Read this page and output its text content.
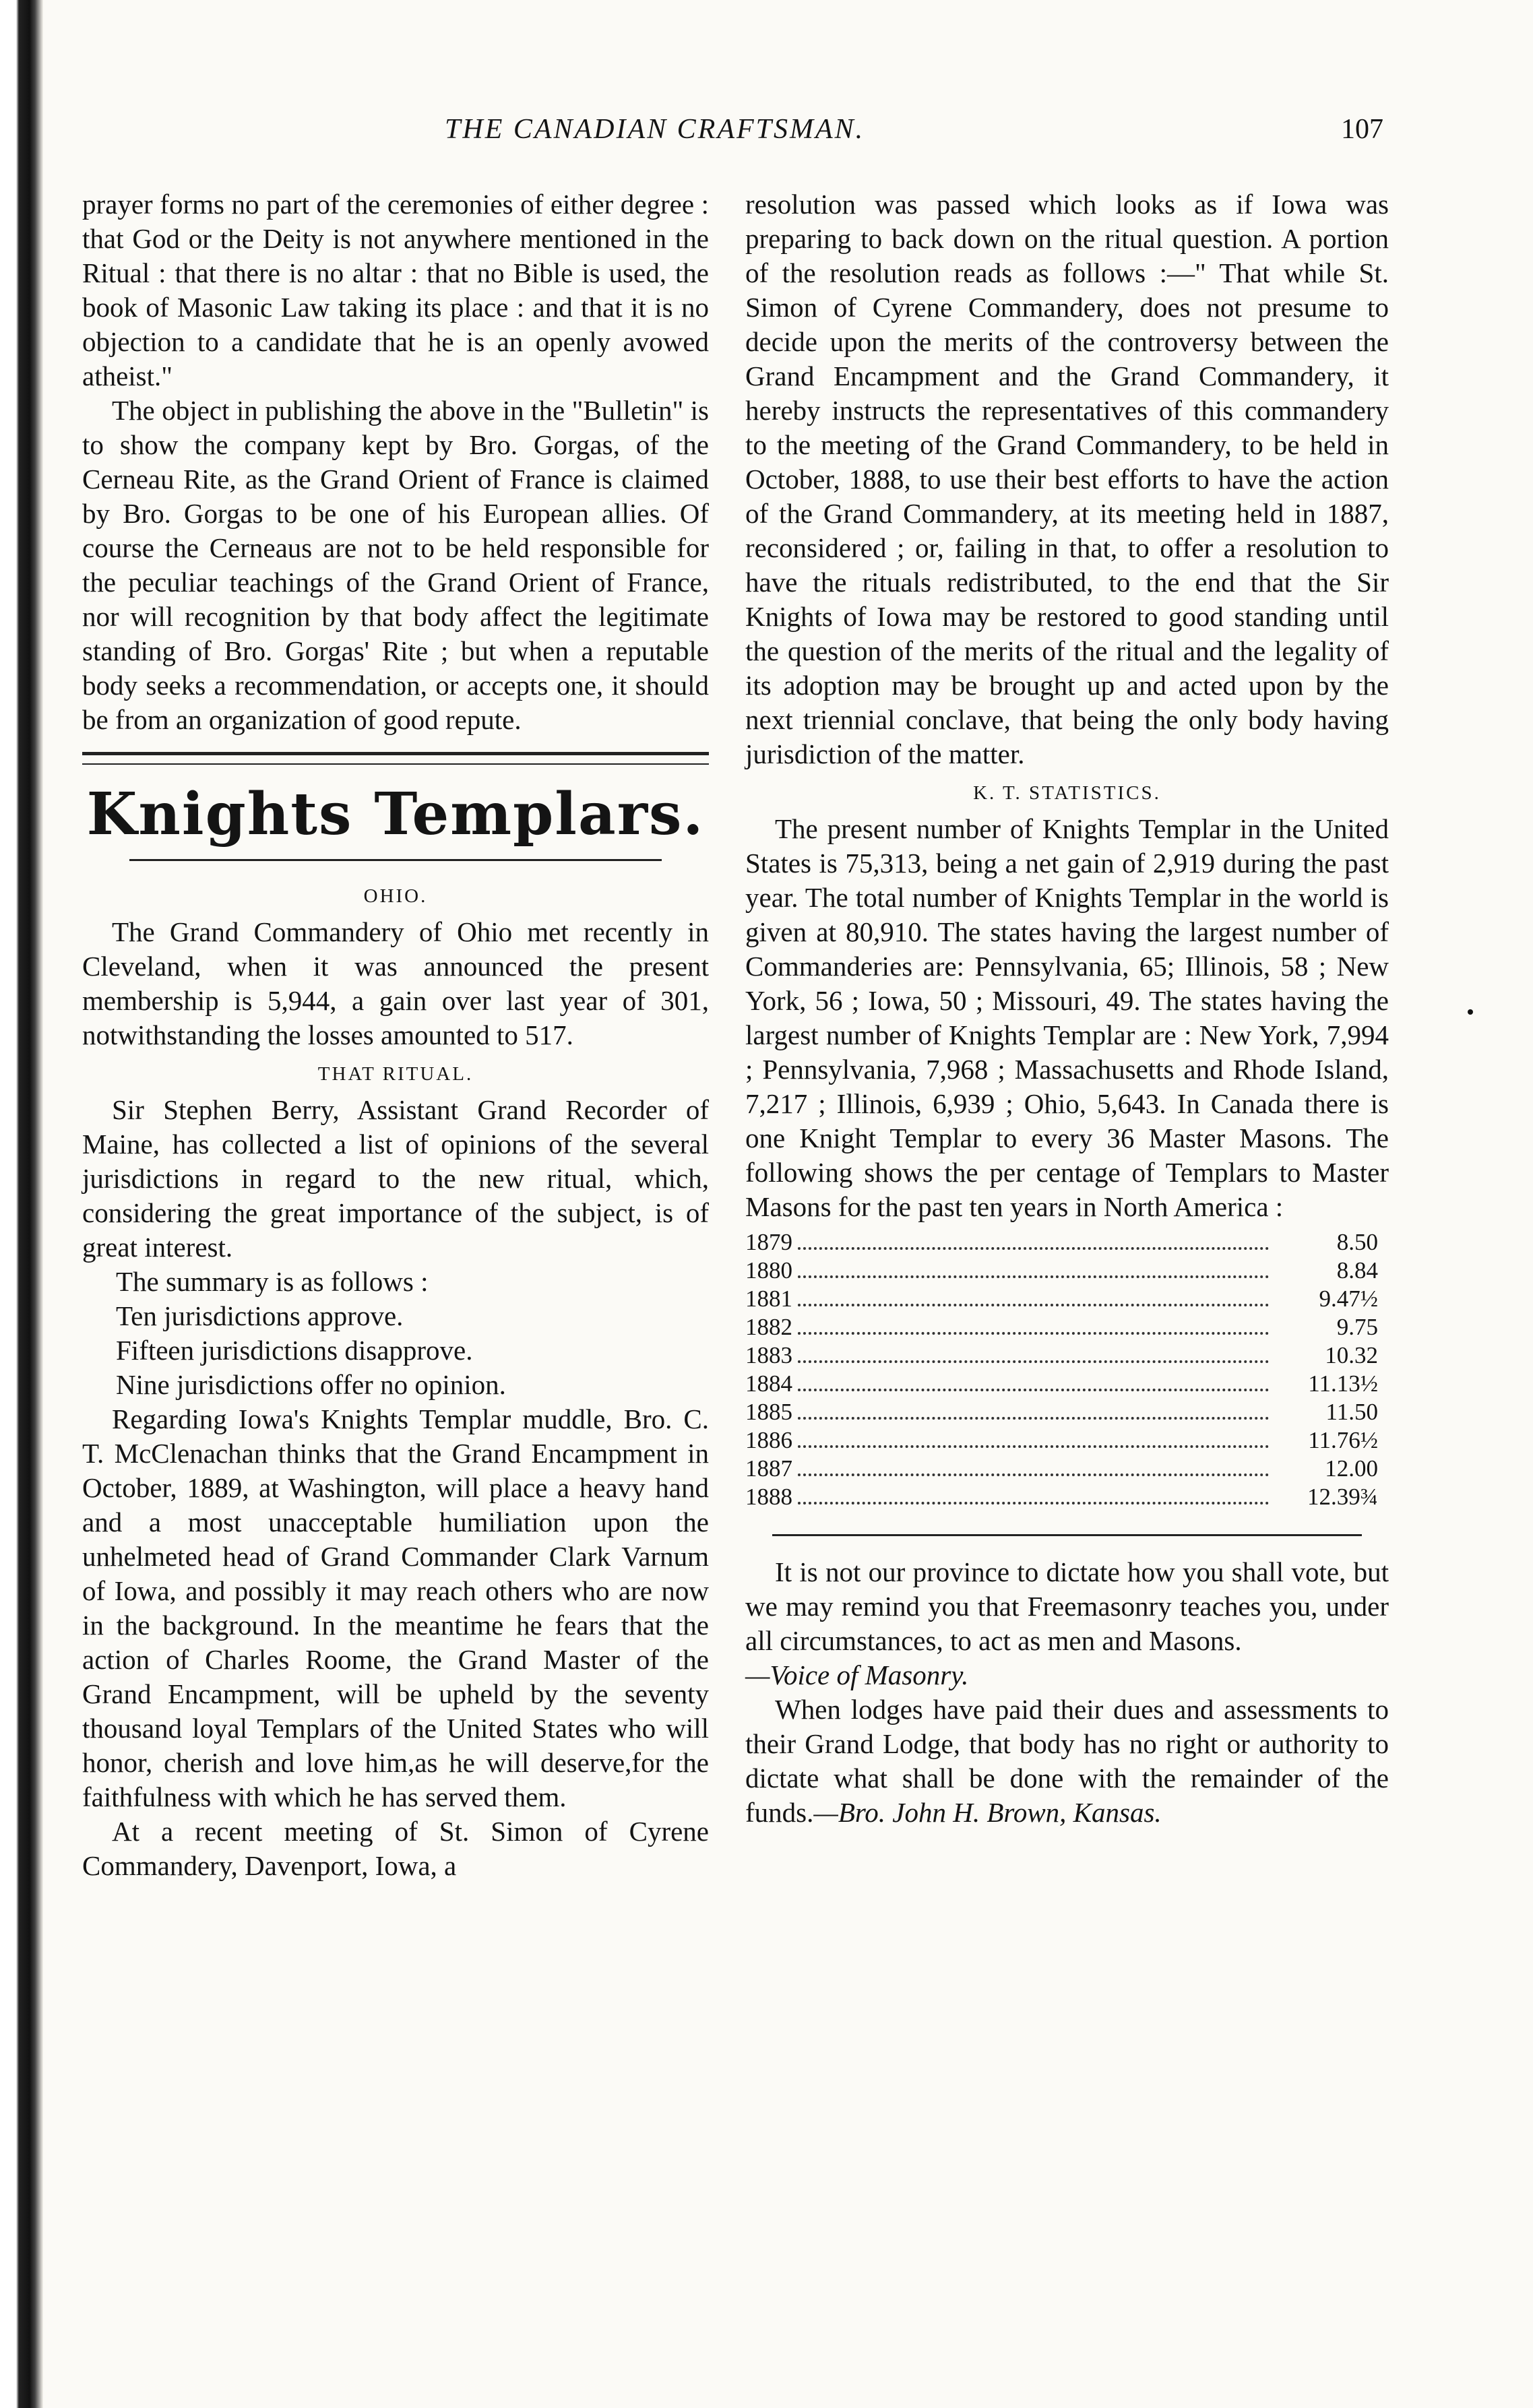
THE CANADIAN CRAFTSMAN.	107

prayer forms no part of the ceremonies of either degree : that God or the Deity is not anywhere mentioned in the Ritual : that there is no altar : that no Bible is used, the book of Masonic Law taking its place : and that it is no objection to a candidate that he is an openly avowed atheist."

The object in publishing the above in the "Bulletin" is to show the company kept by Bro. Gorgas, of the Cerneau Rite, as the Grand Orient of France is claimed by Bro. Gorgas to be one of his European allies. Of course the Cerneaus are not to be held responsible for the peculiar teachings of the Grand Orient of France, nor will recognition by that body affect the legitimate standing of Bro. Gorgas' Rite ; but when a reputable body seeks a recommendation, or accepts one, it should be from an organization of good repute.

Knights Templars.
OHIO.

The Grand Commandery of Ohio met recently in Cleveland, when it was announced the present membership is 5,944, a gain over last year of 301, notwithstanding the losses amounted to 517.

THAT RITUAL.

Sir Stephen Berry, Assistant Grand Recorder of Maine, has collected a list of opinions of the several jurisdictions in regard to the new ritual, which, considering the great importance of the subject, is of great interest.

The summary is as follows :

Ten jurisdictions approve.

Fifteen jurisdictions disapprove.

Nine jurisdictions offer no opinion.

Regarding Iowa's Knights Templar muddle, Bro. C. T. McClenachan thinks that the Grand Encampment in October, 1889, at Washington, will place a heavy hand and a most unacceptable humiliation upon the unhelmeted head of Grand Commander Clark Varnum of Iowa, and possibly it may reach others who are now in the background. In the meantime he fears that the action of Charles Roome, the Grand Master of the Grand Encampment, will be upheld by the seventy thousand loyal Templars of the United States who will honor, cherish and love him,as he will deserve,for the faithfulness with which he has served them.

At a recent meeting of St. Simon of Cyrene Commandery, Davenport, Iowa, a

resolution was passed which looks as if Iowa was preparing to back down on the ritual question. A portion of the resolution reads as follows :—" That while St. Simon of Cyrene Commandery, does not presume to decide upon the merits of the controversy between the Grand Encampment and the Grand Commandery, it hereby instructs the representatives of this commandery to the meeting of the Grand Commandery, to be held in October, 1888, to use their best efforts to have the action of the Grand Commandery, at its meeting held in 1887, reconsidered ; or, failing in that, to offer a resolution to have the rituals redistributed, to the end that the Sir Knights of Iowa may be restored to good standing until the question of the merits of the ritual and the legality of its adoption may be brought up and acted upon by the next triennial conclave, that being the only body having jurisdiction of the matter.

K. T. STATISTICS.

The present number of Knights Templar in the United States is 75,313, being a net gain of 2,919 during the past year. The total number of Knights Templar in the world is given at 80,910. The states having the largest number of Commanderies are: Pennsylvania, 65; Illinois, 58 ; New York, 56 ; Iowa, 50 ; Missouri, 49. The states having the largest number of Knights Templar are : New York, 7,994 ; Pennsylvania, 7,968 ; Massachusetts and Rhode Island, 7,217 ; Illinois, 6,939 ; Ohio, 5,643. In Canada there is one Knight Templar to every 36 Master Masons. The following shows the per centage of Templars to Master Masons for the past ten years in North America :

1879	8.50
1880	8.84
1881	9.47½
1882	9.75
1883	10.32
1884	11.13½
1885	11.50
1886	11.76½
1887	12.00
1888	12.39¾

It is not our province to dictate how you shall vote, but we may remind you that Freemasonry teaches you, under all circumstances, to act as men and Masons.
—Voice of Masonry.

When lodges have paid their dues and assessments to their Grand Lodge, that body has no right or authority to dictate what shall be done with the remainder of the funds.—Bro. John H. Brown, Kansas.
